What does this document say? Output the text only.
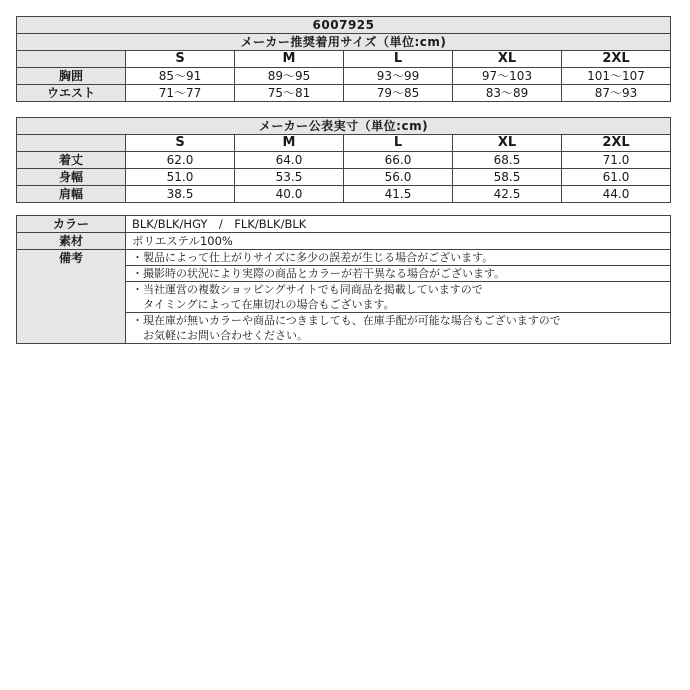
6007925					
メーカー推奨着用サイズ（単位:cm)					
	S	M	L	XL	2XL
胸囲	85～91	89～95	93～99	97～103	101～107
ウエスト	71～77	75～81	79～85	83～89	87～93
メーカー公表実寸（単位:cm)					
	S	M	L	XL	2XL
着丈	62.0	64.0	66.0	68.5	71.0
身幅	51.0	53.5	56.0	58.5	61.0
肩幅	38.5	40.0	41.5	42.5	44.0
カラー	BLK/BLK/HGY　/　FLK/BLK/BLK
素材	ポリエステル100%
備考	・製品によって仕上がりサイズに多少の誤差が生じる場合がございます。

	・撮影時の状況により実際の商品とカラーが若干異なる場合がございます。

	・当社運営の複数ショッピングサイトでも同商品を掲載していますので
　タイミングによって在庫切れの場合もございます。

	・現在庫が無いカラーや商品につきましても、在庫手配が可能な場合もございますので
　お気軽にお問い合わせください。
